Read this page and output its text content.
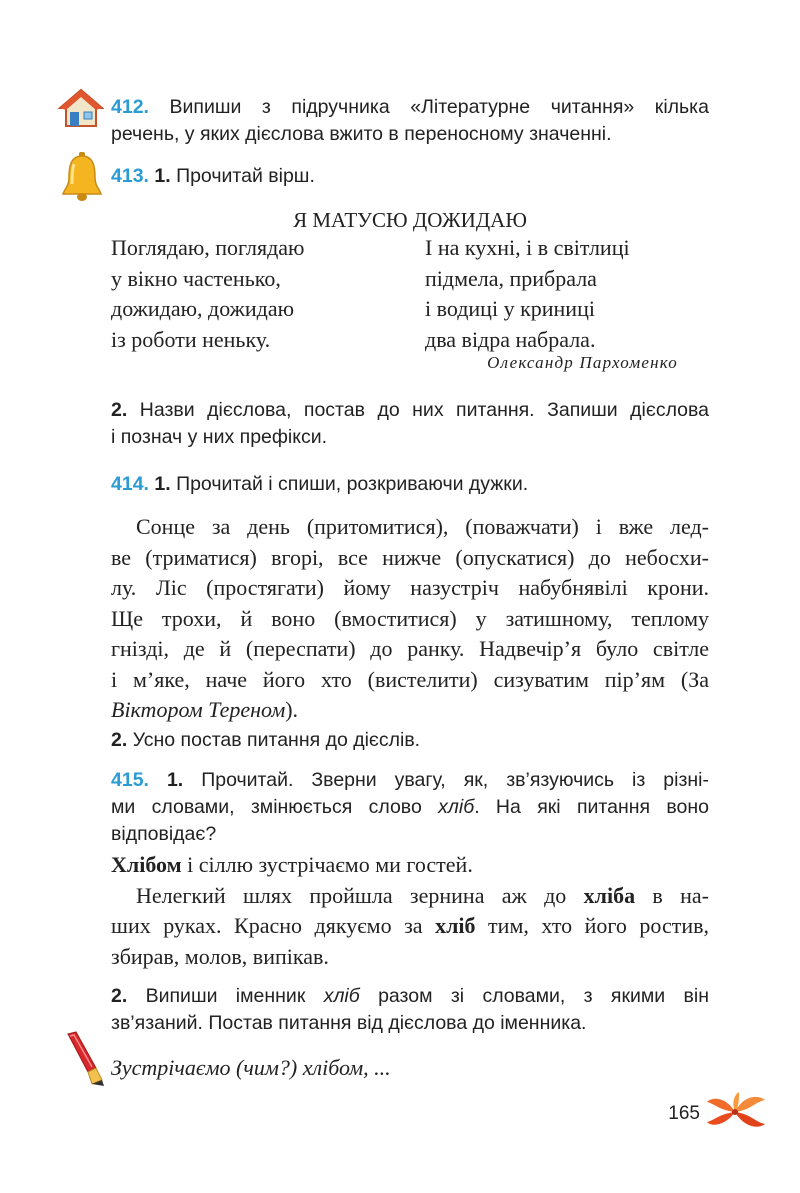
412. Випиши з підручника «Літературне читання» кілька
речень, у яких дієслова вжито в переносному значенні.
413. 1. Прочитай вірш.
Я МАТУСЮ ДОЖИДАЮ
Поглядаю, поглядаю
у вікно частенько,
дожидаю, дожидаю
із роботи неньку.
І на кухні, і в світлиці
підмела, прибрала
і водиці у криниці
два відра набрала.
Олександр Пархоменко
2. Назви дієслова, постав до них питання. Запиши дієслова
і познач у них префікси.
414. 1. Прочитай і спиши, розкриваючи дужки.
Сонце за день (притомитися), (поважчати) і вже лед-
ве (триматися) вгорі, все нижче (опускатися) до небосхи-
лу. Ліс (простягати) йому назустріч набубнявілі крони.
Ще трохи, й воно (вмоститися) у затишному, теплому
гнізді, де й (переспати) до ранку. Надвечір’я було світле
і м’яке, наче його хто (вистелити) сизуватим пір’ям (За
Віктором Тереном).
2. Усно постав питання до дієслів.
415. 1. Прочитай. Зверни увагу, як, зв’язуючись із різні-
ми словами, змінюється слово хліб. На які питання воно
відповідає?
Хлібом і сіллю зустрічаємо ми гостей.
Нелегкий шлях пройшла зернина аж до хліба в на-
ших руках. Красно дякуємо за хліб тим, хто його ростив,
збирав, молов, випікав.
2. Випиши іменник хліб разом зі словами, з якими він
зв’язаний. Постав питання від дієслова до іменника.
Зустрічаємо (чим?) хлібом, ...
165
